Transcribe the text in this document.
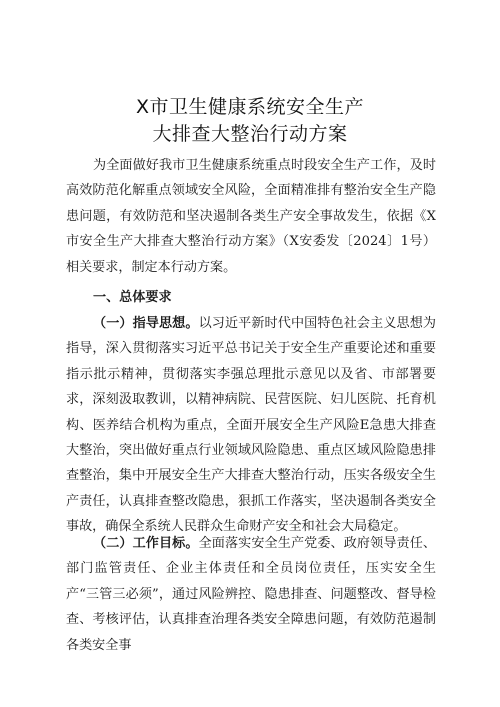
X市卫生健康系统安全生产
大排查大整治行动方案
为全面做好我市卫生健康系统重点时段安全生产工作，及时高效防范化解重点领域安全风险，全面精准排有整治安全生产隐患问题，有效防范和坚决遏制各类生产安全事故发生，依据《X市安全生产大排查大整治行动方案》（X安委发〔2024〕1号）相关要求，制定本行动方案。
一、总体要求
（一）指导思想。以习近平新时代中国特色社会主义思想为指导，深入贯彻落实习近平总书记关于安全生产重要论述和重要指示批示精神，贯彻落实李强总理批示意见以及省、市部署要求，深刻汲取教训，以精神病院、民营医院、妇儿医院、托育机构、医养结合机构为重点，全面开展安全生产风险E急患大排查大整治，突出做好重点行业领域风险隐患、重点区域风险隐患排查整治，集中开展安全生产大排查大整治行动，压实各级安全生产责任，认真排查整改隐患，狠抓工作落实，坚决遏制各类安全事故，确保全系统人民群众生命财产安全和社会大局稳定。
（二）工作目标。全面落实安全生产党委、政府领导责任、部门监管责任、企业主体责任和全员岗位责任，压实安全生产“三管三必须”，通过风险辨控、隐患排查、问题整改、督导检查、考核评估，认真排查治理各类安全障患问题，有效防范遏制各类安全事
